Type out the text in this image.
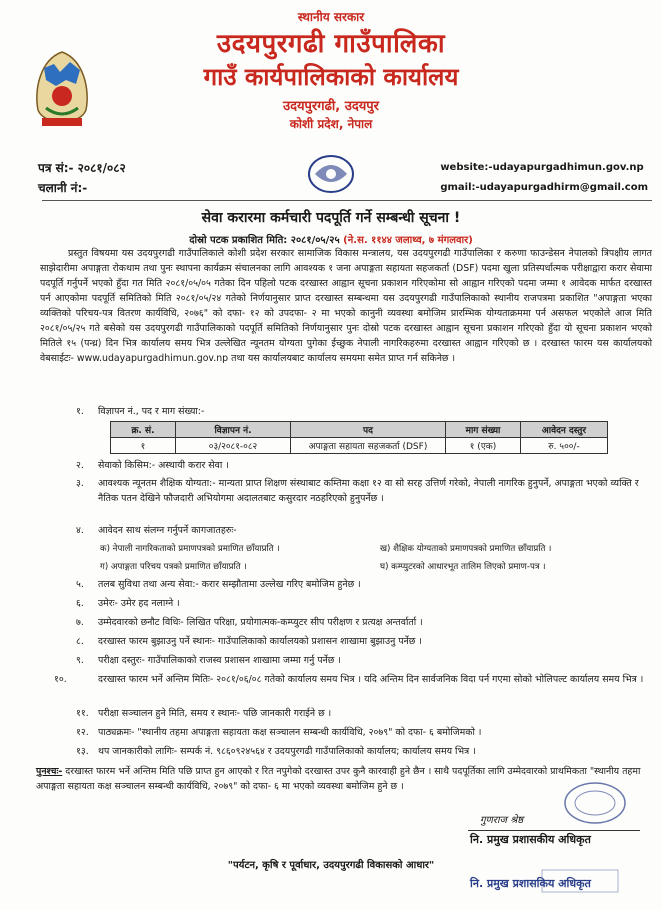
स्थानीय सरकार
उदयपुरगढी गाउँपालिका
गाउँ कार्यपालिकाको कार्यालय
उदयपुरगढी, उदयपुर
कोशी प्रदेश, नेपाल
पत्र सं:- २०८१/०८२
चलानी नं:-
website:-udayapurgadhimun.gov.np
gmail:-udayapurgadhirm@gmail.com
सेवा करारमा कर्मचारी पदपूर्ति गर्ने सम्बन्धी सूचना !
दोस्रो पटक प्रकाशित मिति: २०८१/०५/२५ (ने.स. ११४४ जलाथ्व, ७ मंगलवार)

प्रस्तुत विषयमा यस उदयपुरगढी गाउँपालिकाले कोशी प्रदेश सरकार सामाजिक विकास मन्त्रालय, यस उदयपुरगढी गाउँपालिका र करुणा फाउन्डेसन नेपालको त्रिपक्षीय लागत साझेदारीमा अपाङ्गता रोकथाम तथा पुनः स्थापना कार्यक्रम संचालनका लागि आवश्यक १ जना अपाङ्गता सहायता सहजकर्ता (DSF) पदमा खुला प्रतिस्पर्धात्मक परीक्षाद्वारा करार सेवामा पदपूर्ति गर्नुपर्ने भएको हुँदा गत मिति २०८१/०५/०५ गतेका दिन पहिलो पटक दरखास्त आह्वान सूचना प्रकाशन गरिएकोमा सो आह्वान गरिएको पदमा जम्मा १ आवेदक मार्फत दरखास्त पर्न आएकोमा पदपूर्ति समितिको मिति २०८१/०५/२४ गतेको निर्णयानुसार प्राप्त दरखास्त सम्बन्धमा यस उदयपुरगढी गाउँपालिकाको स्थानीय राजपत्रमा प्रकाशित "अपाङ्गता भएका व्यक्तिको परिचय-पत्र वितरण कार्यविधि, २०७६" को दफा- १२ को उपदफा- २ मा भएको कानुनी व्यवस्था बमोजिम प्रारम्भिक योग्यताक्रममा पर्न असफल भएकोले आज मिति २०८१/०५/२५ गते बसेको यस उदयपुरगढी गाउँपालिकाको पदपूर्ति समितिको निर्णयानुसार पुनः दोस्रो पटक दरखास्त आह्वान सूचना प्रकाशन गरिएको हुँदा यो सूचना प्रकाशन भएको मितिले १५ (पन्ध्र) दिन भित्र कार्यालय समय भित्र उल्लेखित न्यूनतम योग्यता पुगेका ईच्छुक नेपाली नागरिकहरुमा दरखास्त आह्वान गरिएको छ । दरखास्त फारम यस कार्यालयको वेबसाईटः- www.udayapurgadhimun.gov.np तथा यस कार्यालयबाट कार्यालय समयमा समेत प्राप्त गर्न सकिनेछ ।

१. विज्ञापन नं., पद र माग संख्या:-
क्र. सं.	विज्ञापन नं.	पद	माग संख्या	आवेदन दस्तुर
१	०३/२०८१-०८२	अपाङ्गता सहायता सहजकर्ता (DSF)	१ (एक)	रु. ५००/-
२. सेवाको किसिम:- अस्थायी करार सेवा ।
३. आवश्यक न्यूनतम शैक्षिक योग्यता:- मान्यता प्राप्त शिक्षण संस्थाबाट कम्तिमा कक्षा १२ वा सो सरह उत्तिर्ण गरेको, नेपाली नागरिक हुनुपर्ने, अपाङ्गता भएको व्यक्ति र नैतिक पतन देखिने फौजदारी अभियोगमा अदालतबाट कसुरदार नठहरिएको हुनुपर्नेछ ।
४. आवेदन साथ संलग्न गर्नुपर्ने कागजातहरुः-
क) नेपाली नागरिकताको प्रमाणपत्रको प्रमाणित छाँयाप्रति ।	ख) शैक्षिक योग्यताको प्रमाणपत्रको प्रमाणित छाँयाप्रति ।
ग) अपाङ्गता परिचय पत्रको प्रमाणित छाँयाप्रति ।	घ) कम्प्युटरको आधारभूत तालिम लिएको प्रमाण-पत्र ।
५. तलब सुविधा तथा अन्य सेवा:- करार सम्झौतामा उल्लेख गरिए बमोजिम हुनेछ ।
६. उमेरः- उमेर हद नलाग्ने ।
७. उम्मेदवारको छनौट विधिः- लिखित परिक्षा, प्रयोगात्मक-कम्प्युटर सीप परीक्षण र प्रत्यक्ष अन्तर्वार्ता ।
८. दरखास्त फारम बुझाउनु पर्ने स्थानः- गाउँपालिकाको कार्यालयको प्रशासन शाखामा बुझाउनु पर्नेछ ।
९. परीक्षा दस्तुरः- गाउँपालिकाको राजस्व प्रशासन शाखामा जम्मा गर्नु पर्नेछ ।
१०.	दरखास्त फारम भर्ने अन्तिम मितिः- २०८१/०६/०८ गतेको कार्यालय समय भित्र । यदि अन्तिम दिन सार्वजनिक विदा पर्न गएमा सोको भोलिपल्ट कार्यालय समय भित्र ।
११. परीक्षा सञ्चालन हुने मिति, समय र स्थानः- पछि जानकारी गराईने छ ।
१२. पाठ्यक्रमः- "स्थानीय तहमा अपाङ्गता सहायता कक्ष सञ्चालन सम्बन्धी कार्यविधि, २०७९" को दफा- ६ बमोजिमको ।
१३. थप जानकारीको लागिः- सम्पर्क नं. ९८६०९२४५६४ र उदयपुरगढी गाउँपालिकाको कार्यालय; कार्यालय समय भित्र ।
पुनश्चः- दरखास्त फारम भर्ने अन्तिम मिति पछि प्राप्त हुन आएको र रित नपुगेको दरखास्त उपर कुनै कारवाही हुने छैन । साथै पदपूर्तिका लागि उम्मेदवारको प्राथमिकता "स्थानीय तहमा अपाङ्गता सहायता कक्ष सञ्चालन सम्बन्धी कार्यविधि, २०७९" को दफा- ६ मा भएको व्यवस्था बमोजिम हुने छ ।
गुणराज श्रेष्ठ
नि. प्रमुख प्रशासकीय अधिकृत
"पर्यटन, कृषि र पूर्वाधार, उदयपुरगढी विकासको आधार"
नि. प्रमुख प्रशासकिय अधिकृत
